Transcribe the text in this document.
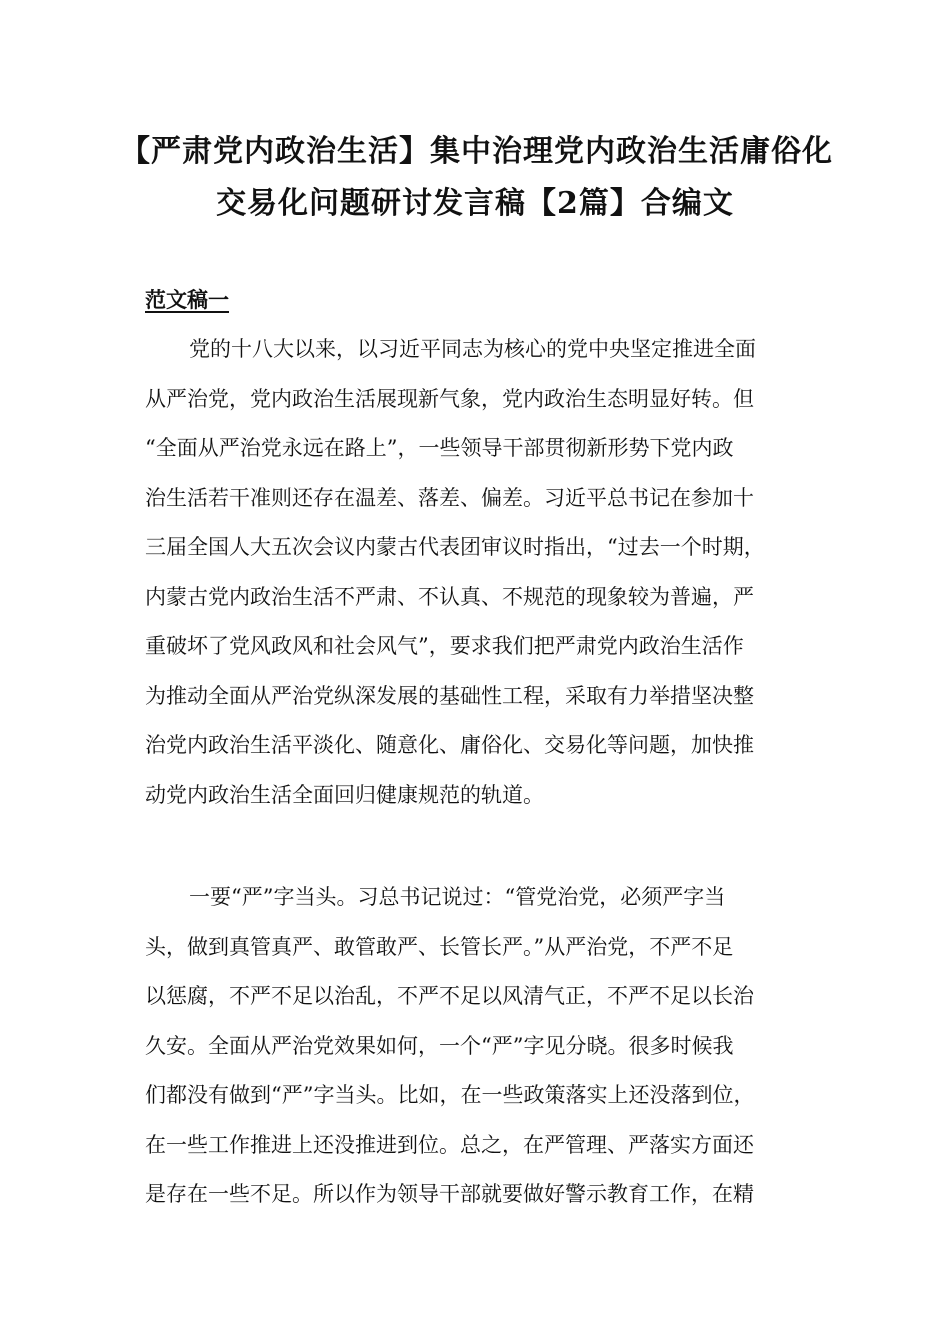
【严肃党内政治生活】集中治理党内政治生活庸俗化
交易化问题研讨发言稿【2篇】合编文
范文稿一

党的十八大以来，以习近平同志为核心的党中央坚定推进全面
从严治党，党内政治生活展现新气象，党内政治生态明显好转。但
“全面从严治党永远在路上”，一些领导干部贯彻新形势下党内政
治生活若干准则还存在温差、落差、偏差。习近平总书记在参加十
三届全国人大五次会议内蒙古代表团审议时指出，“过去一个时期，
内蒙古党内政治生活不严肃、不认真、不规范的现象较为普遍，严
重破坏了党风政风和社会风气”，要求我们把严肃党内政治生活作
为推动全面从严治党纵深发展的基础性工程，采取有力举措坚决整
治党内政治生活平淡化、随意化、庸俗化、交易化等问题，加快推
动党内政治生活全面回归健康规范的轨道。

一要“严”字当头。习总书记说过：“管党治党，必须严字当
头，做到真管真严、敢管敢严、长管长严。”从严治党，不严不足
以惩腐，不严不足以治乱，不严不足以风清气正，不严不足以长治
久安。全面从严治党效果如何，一个“严”字见分晓。很多时候我
们都没有做到“严”字当头。比如，在一些政策落实上还没落到位，
在一些工作推进上还没推进到位。总之，在严管理、严落实方面还
是存在一些不足。所以作为领导干部就要做好警示教育工作，在精
